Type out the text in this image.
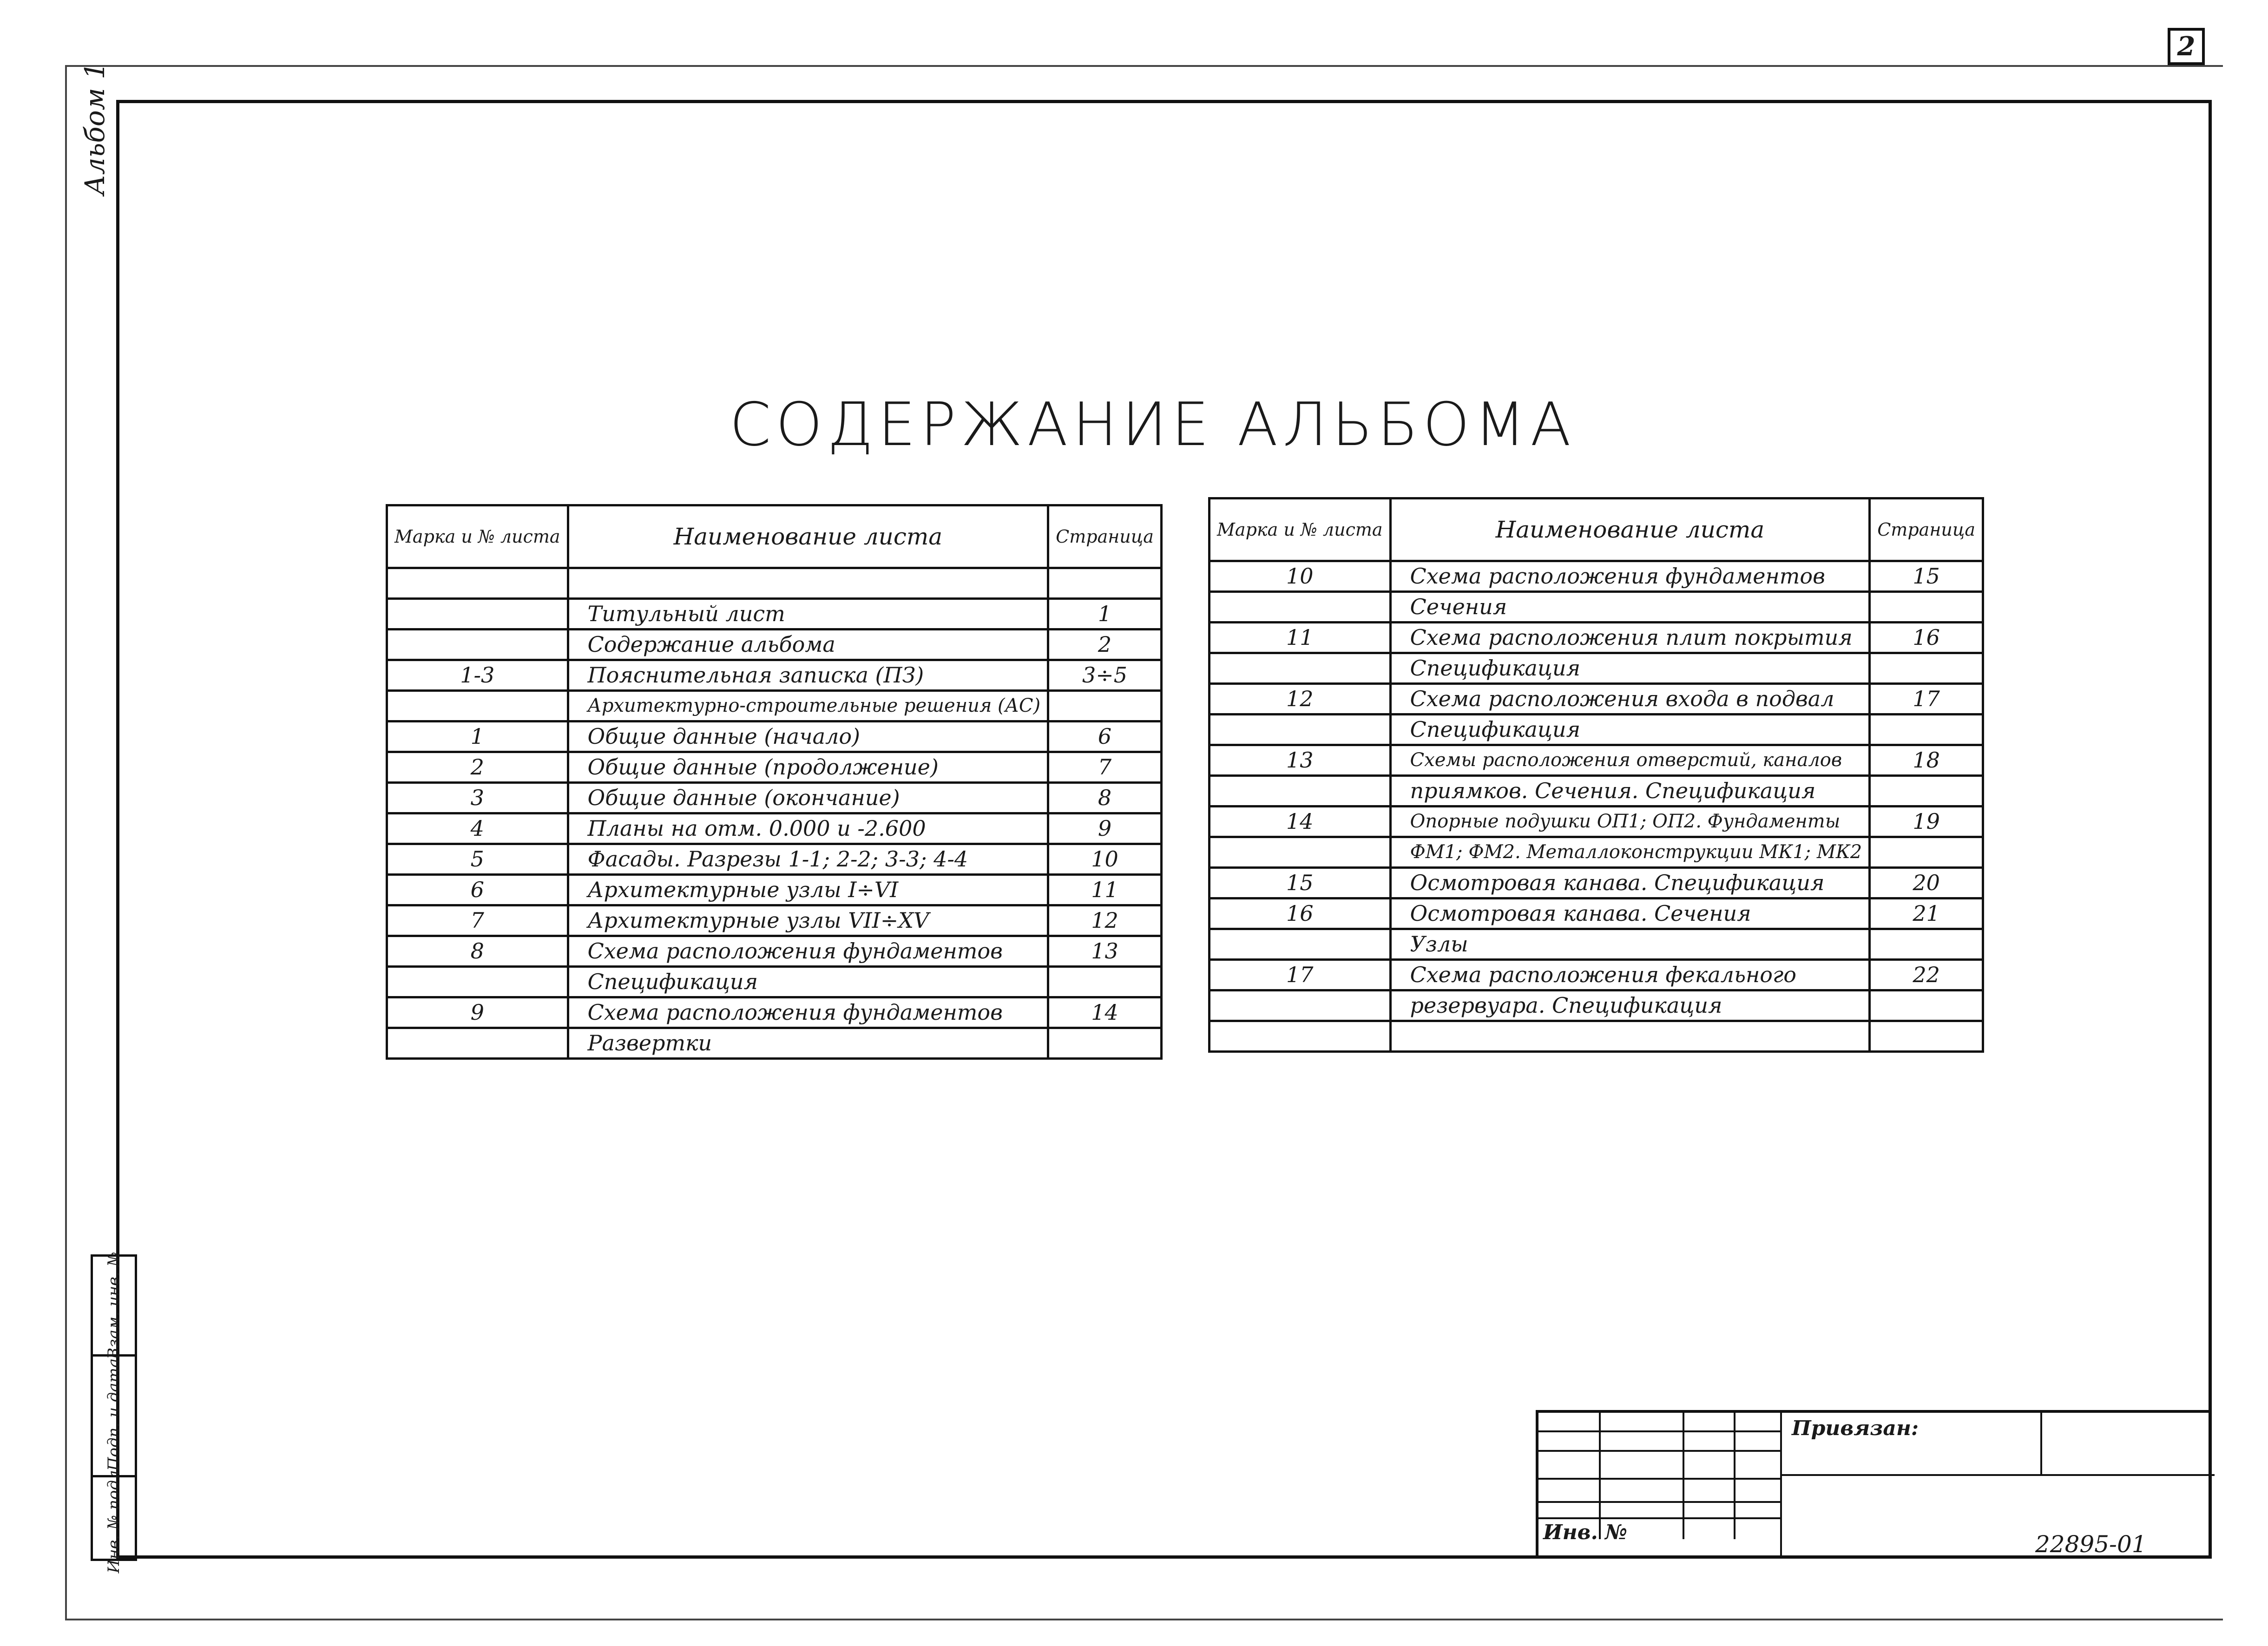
2
Альбом 1
СОДЕРЖАНИЕ АЛЬБОМА
Марка и № листа	Наименование листа	Страница

	Титульный лист	1
	Содержание альбома	2
1-3	Пояснительная записка (ПЗ)	3÷5
	Архитектурно-строительные решения (АС)	
1	Общие данные (начало)	6
2	Общие данные (продолжение)	7
3	Общие данные (окончание)	8
4	Планы на отм. 0.000 и -2.600	9
5	Фасады. Разрезы 1-1; 2-2; 3-3; 4-4	10
6	Архитектурные узлы I÷VI	11
7	Архитектурные узлы VII÷XV	12
8	Схема расположения фундаментов	13
	Спецификация	
9	Схема расположения фундаментов	14
	Развертки	
Марка и № листа	Наименование листа	Страница
10	Схема расположения фундаментов	15
	Сечения	
11	Схема расположения плит покрытия	16
	Спецификация	
12	Схема расположения входа в подвал	17
	Спецификация	
13	Схемы расположения отверстий, каналов	18
	приямков. Сечения. Спецификация	
14	Опорные подушки ОП1; ОП2. Фундаменты	19
	ФМ1; ФМ2. Металлоконструкции МК1; МК2	
15	Осмотровая канава. Спецификация	20
16	Осмотровая канава. Сечения	21
	Узлы	
17	Схема расположения фекального	22
	резервуара. Спецификация	

Взам. инв. №
Подп. и дата
Инв. № подл.
Привязан:
Инв. №	22895-01
